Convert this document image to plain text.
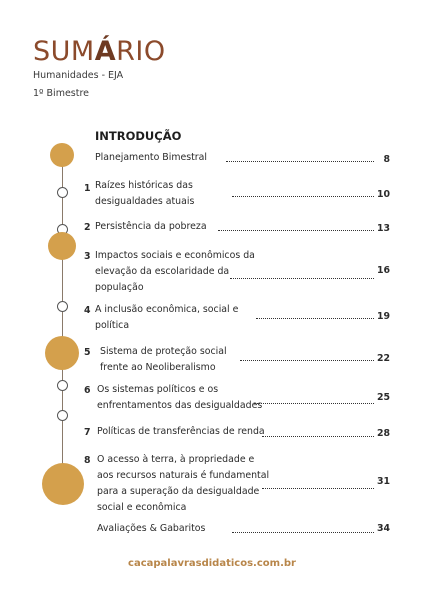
SUMÁRIO
Humanidades - EJA
1º Bimestre
INTRODUÇÃO
Planejamento Bimestral	8
1 Raízes históricas das
desigualdades atuais
10
2 Persistência da pobreza	13
3 Impactos sociais e econômicos da
elevação da escolaridade da
população
16
4 A inclusão econômica, social e
política
19
5 Sistema de proteção social
frente ao Neoliberalismo
22
6 Os sistemas políticos e os
enfrentamentos das desigualdades
25
7 Políticas de transferências de renda	28
8 O acesso à terra, à propriedade e
aos recursos naturais é fundamental
para a superação da desigualdade
social e econômica
31
Avaliações & Gabaritos	34
cacapalavrasdidaticos.com.br
